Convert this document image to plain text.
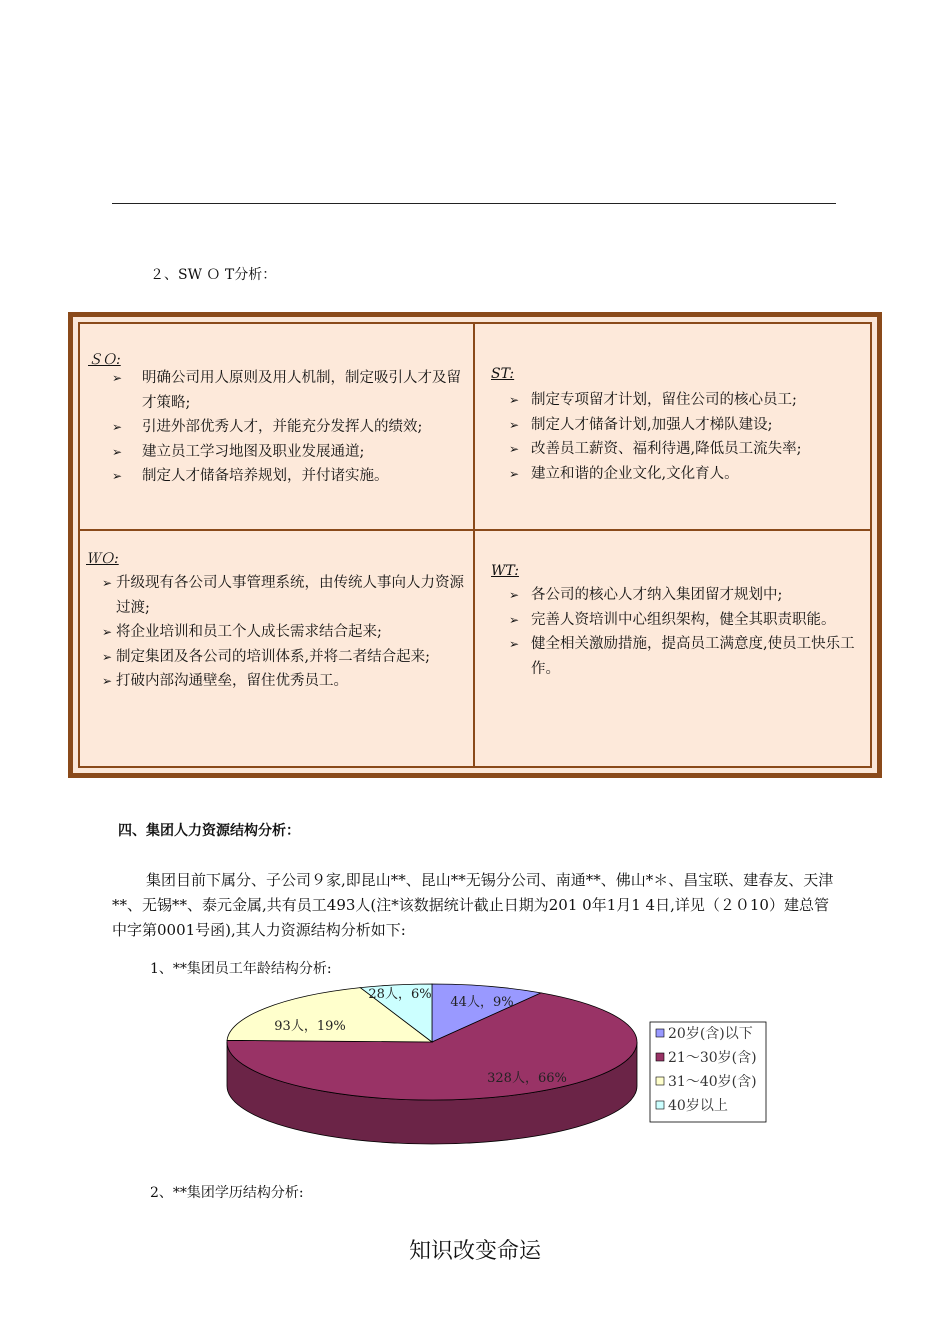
２、SW Ｏ T分析：
ＳＯ:
➢ 明确公司用人原则及用人机制，制定吸引人才及留才策略;
➢ 引进外部优秀人才，并能充分发挥人的绩效;
➢ 建立员工学习地图及职业发展通道;
➢ 制定人才储备培养规划，并付诸实施。
ST:
➢ 制定专项留才计划，留住公司的核心员工;
➢ 制定人才储备计划,加强人才梯队建设;
➢ 改善员工薪资、福利待遇,降低员工流失率;
➢ 建立和谐的企业文化,文化育人。
ＷＯ:
➢ 升级现有各公司人事管理系统，由传统人事向人力资源过渡;
➢ 将企业培训和员工个人成长需求结合起来;
➢ 制定集团及各公司的培训体系,并将二者结合起来;
➢ 打破内部沟通壁垒，留住优秀员工。
WT:
➢ 各公司的核心人才纳入集团留才规划中;
➢ 完善人资培训中心组织架构，健全其职责职能。
➢ 健全相关激励措施，提高员工满意度,使员工快乐工作。
四、集团人力资源结构分析：
集团目前下属分、子公司９家,即昆山**、昆山**无锡分公司、南通**、佛山*＊、昌宝联、建春友、天津**、无锡**、泰元金属,共有员工493人(注*该数据统计截止日期为201 0年1月1 4日,详见（２０10）建总管中字第0001号函),其人力资源结构分析如下:
1、**集团员工年龄结构分析:
44人，9%
328人，66%
93人，19%
28人，6%
20岁(含)以下
21～30岁(含)
31～40岁(含)
40岁以上
2、**集团学历结构分析:
知识改变命运
